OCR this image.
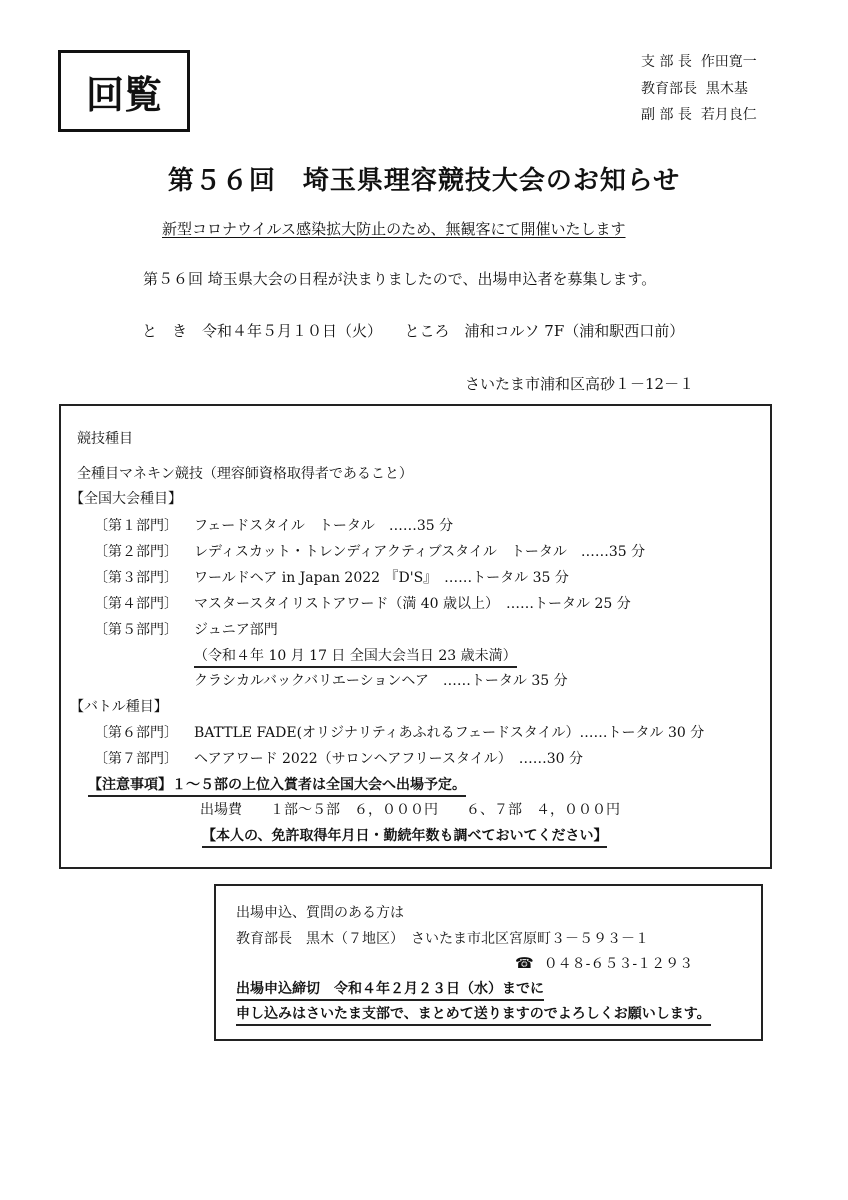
回覧
支 部 長 作田寛一
教育部長 黒木基
副 部 長 若月良仁
第５６回　埼玉県理容競技大会のお知らせ
新型コロナウイルス感染拡大防止のため、無観客にて開催いたします
第５６回 埼玉県大会の日程が決まりましたので、出場申込者を募集します。
と　き　令和４年５月１０日（火）　　ところ　浦和コルソ 7F（浦和駅西口前）
さいたま市浦和区高砂１－12－１
競技種目
全種目マネキン競技（理容師資格取得者であること）
【全国大会種目】
〔第１部門〕 フェードスタイル　トータル　……35 分
〔第２部門〕 レディスカット・トレンディアクティブスタイル　トータル　……35 分
〔第３部門〕 ワールドヘア in Japan 2022 『D'S』　……トータル 35 分
〔第４部門〕 マスタースタイリストアワード（満 40 歳以上）　……トータル 25 分
〔第５部門〕 ジュニア部門
（令和４年 10 月 17 日 全国大会当日 23 歳未満）
クラシカルバックバリエーションヘア　……トータル 35 分
【バトル種目】
〔第６部門〕 BATTLE FADE(オリジナリティあふれるフェードスタイル）……トータル 30 分
〔第７部門〕 ヘアアワード 2022（サロンヘアフリースタイル）　……30 分
【注意事項】１～５部の上位入賞者は全国大会へ出場予定。
出場費　　１部～５部　６，０００円　　６、７部　４，０００円
【本人の、免許取得年月日・勤続年数も調べておいてください】
出場申込、質問のある方は
教育部長　黒木（７地区）　さいたま市北区宮原町３－５９３－１
☎ ０４８-６５３-１２９３
出場申込締切　令和４年２月２３日（水）までに
申し込みはさいたま支部で、まとめて送りますのでよろしくお願いします。
